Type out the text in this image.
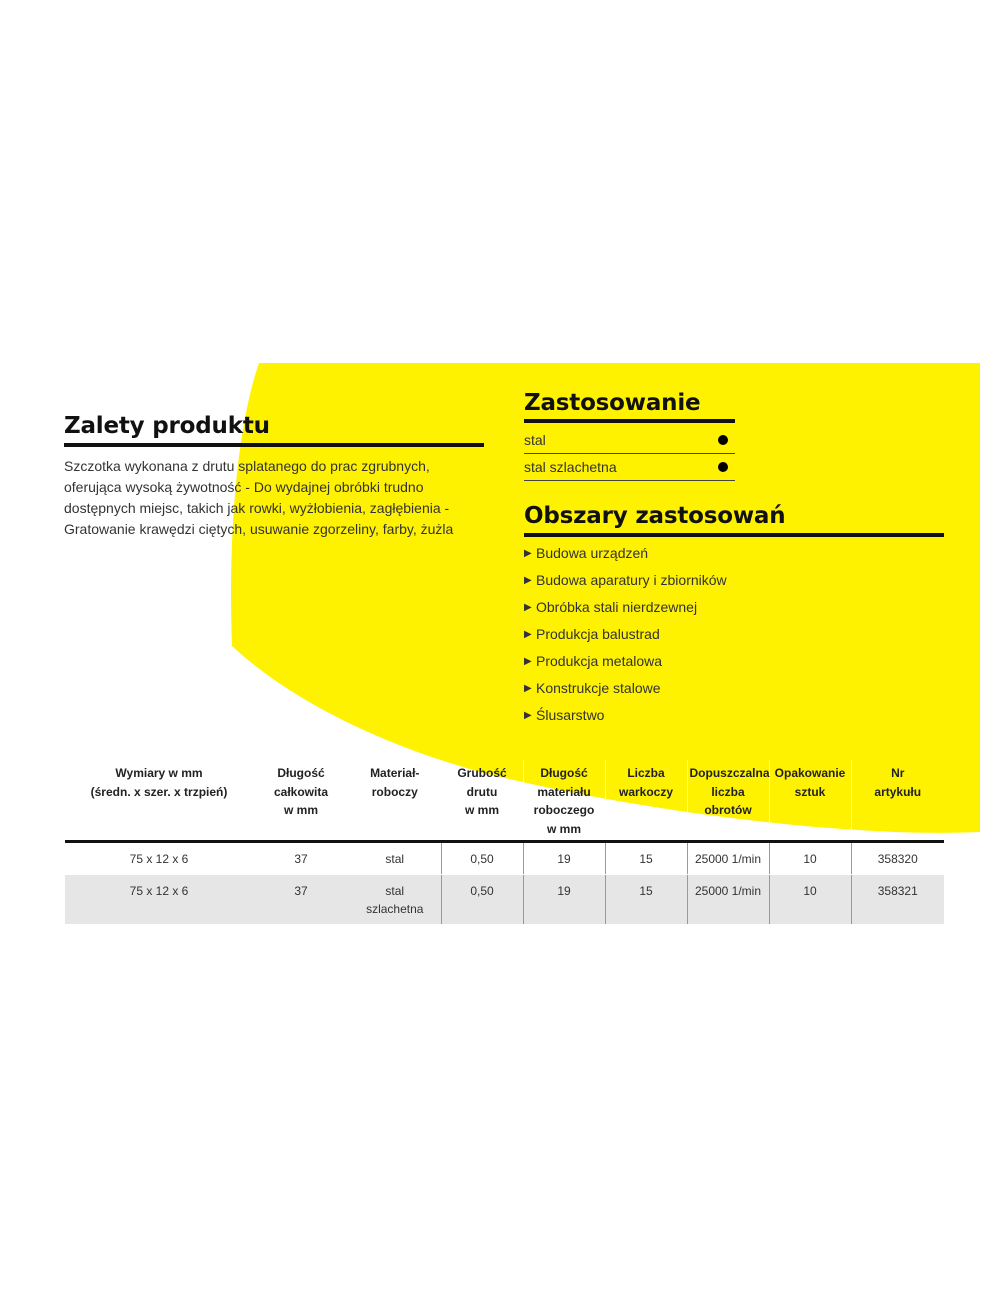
Zalety produktu

Szczotka wykonana z drutu splatanego do prac zgrubnych, oferująca wysoką żywotność - Do wydajnej obróbki trudno dostępnych miejsc, takich jak rowki, wyżłobienia, zagłębienia - Gratowanie krawędzi ciętych, usuwanie zgorzeliny, farby, żużla

Zastosowanie
stal	
stal szlachetna	
Obszary zastosowań
▶ Budowa urządzeń
▶ Budowa aparatury i zbiorników
▶ Obróbka stali nierdzewnej
▶ Produkcja balustrad
▶ Produkcja metalowa
▶ Konstrukcje stalowe
▶ Ślusarstwo
Wymiary w mm
(średn. x szer. x trzpień)	Długość
całkowita
w mm	Materiał-
roboczy	Grubość
drutu
w mm	Długość
materiału
roboczego
w mm	Liczba
warkoczy	Dopuszczalna
liczba
obrotów	Opakowanie
sztuk	Nr
artykułu
75 x 12 x 6	37	stal	0,50	19	15	25000 1/min	10	358320
75 x 12 x 6	37	stal
szlachetna	0,50	19	15	25000 1/min	10	358321
